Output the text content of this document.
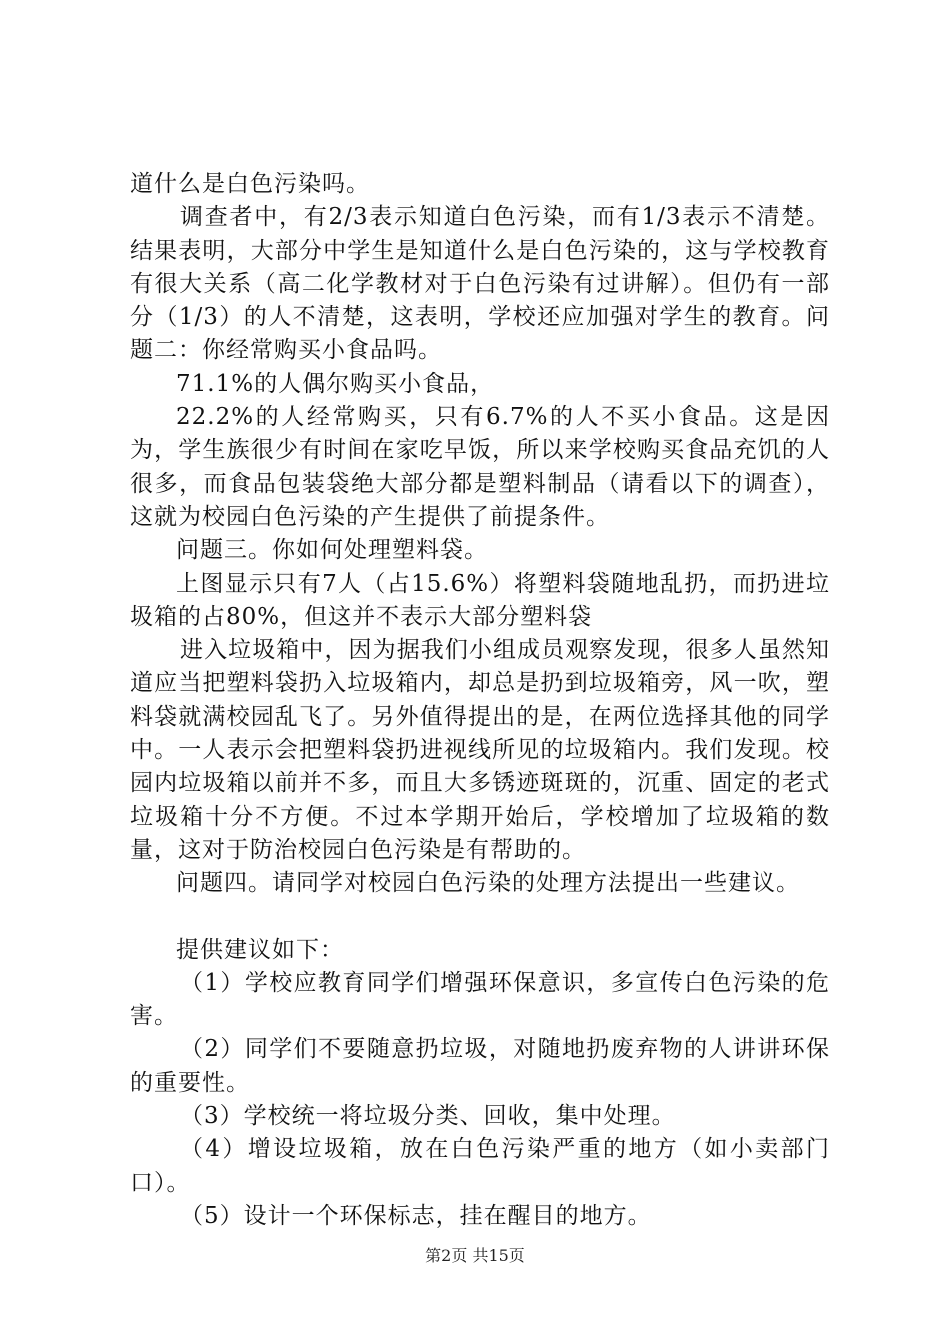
道什么是白色污染吗。

调查者中，有2/3表示知道白色污染，而有1/3表示不清楚。结果表明，大部分中学生是知道什么是白色污染的，这与学校教育有很大关系（高二化学教材对于白色污染有过讲解）。但仍有一部分（1/3）的人不清楚，这表明，学校还应加强对学生的教育。问题二：你经常购买小食品吗。

71.1%的人偶尔购买小食品，

22.2%的人经常购买，只有6.7%的人不买小食品。这是因为，学生族很少有时间在家吃早饭，所以来学校购买食品充饥的人很多，而食品包装袋绝大部分都是塑料制品（请看以下的调查），这就为校园白色污染的产生提供了前提条件。

问题三。你如何处理塑料袋。

上图显示只有7人（占15.6%）将塑料袋随地乱扔，而扔进垃圾箱的占80%，但这并不表示大部分塑料袋

进入垃圾箱中，因为据我们小组成员观察发现，很多人虽然知道应当把塑料袋扔入垃圾箱内，却总是扔到垃圾箱旁，风一吹，塑料袋就满校园乱飞了。另外值得提出的是，在两位选择其他的同学中。一人表示会把塑料袋扔进视线所见的垃圾箱内。我们发现。校园内垃圾箱以前并不多，而且大多锈迹斑斑的，沉重、固定的老式垃圾箱十分不方便。不过本学期开始后，学校增加了垃圾箱的数量，这对于防治校园白色污染是有帮助的。

问题四。请同学对校园白色污染的处理方法提出一些建议。

提供建议如下：

（1）学校应教育同学们增强环保意识，多宣传白色污染的危害。

（2）同学们不要随意扔垃圾，对随地扔废弃物的人讲讲环保的重要性。

（3）学校统一将垃圾分类、回收，集中处理。

（4）增设垃圾箱，放在白色污染严重的地方（如小卖部门口）。

（5）设计一个环保标志，挂在醒目的地方。

第2页 共15页
